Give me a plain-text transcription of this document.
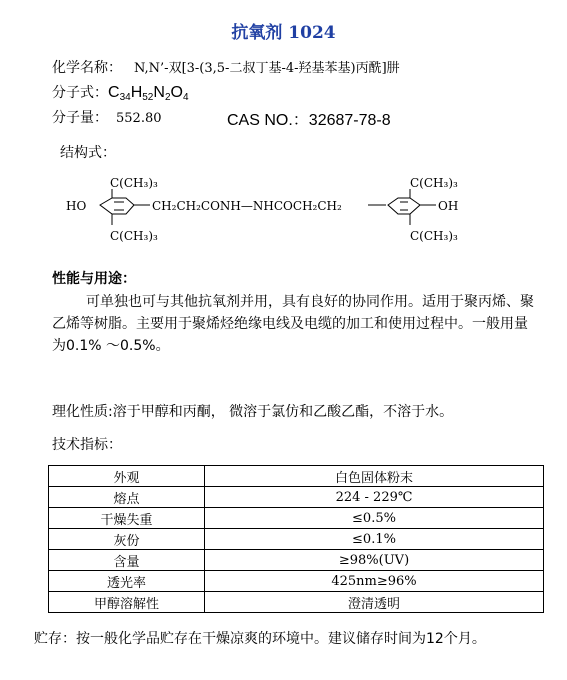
抗氧剂 1024
化学名称： N,N’-双[3-(3,5-二叔丁基-4-羟基苯基)丙酰]肼
分子式：$C_{34}H_{52}N_2O_4$
分子量： 552.80	CAS NO.：32687-78-8
结构式：
HO
C(CH₃)₃
C(CH₃)₃
CH₂CH₂CONH—NHCOCH₂CH₂
C(CH₃)₃
C(CH₃)₃
OH
性能与用途：
可单独也可与其他抗氧剂并用，具有良好的协同作用。适用于聚丙烯、聚乙烯等树脂。主要用于聚烯烃绝缘电线及电缆的加工和使用过程中。一般用量为0.1% ～0.5%。
理化性质:溶于甲醇和丙酮， 微溶于氯仿和乙酸乙酯，不溶于水。
技术指标：
外观	白色固体粉末
熔点	224 - 229℃
干燥失重	≤0.5%
灰份	≤0.1%
含量	≥98%(UV)
透光率	425nm≥96%
甲醇溶解性	澄清透明
贮存：按一般化学品贮存在干燥凉爽的环境中。建议储存时间为12个月。
